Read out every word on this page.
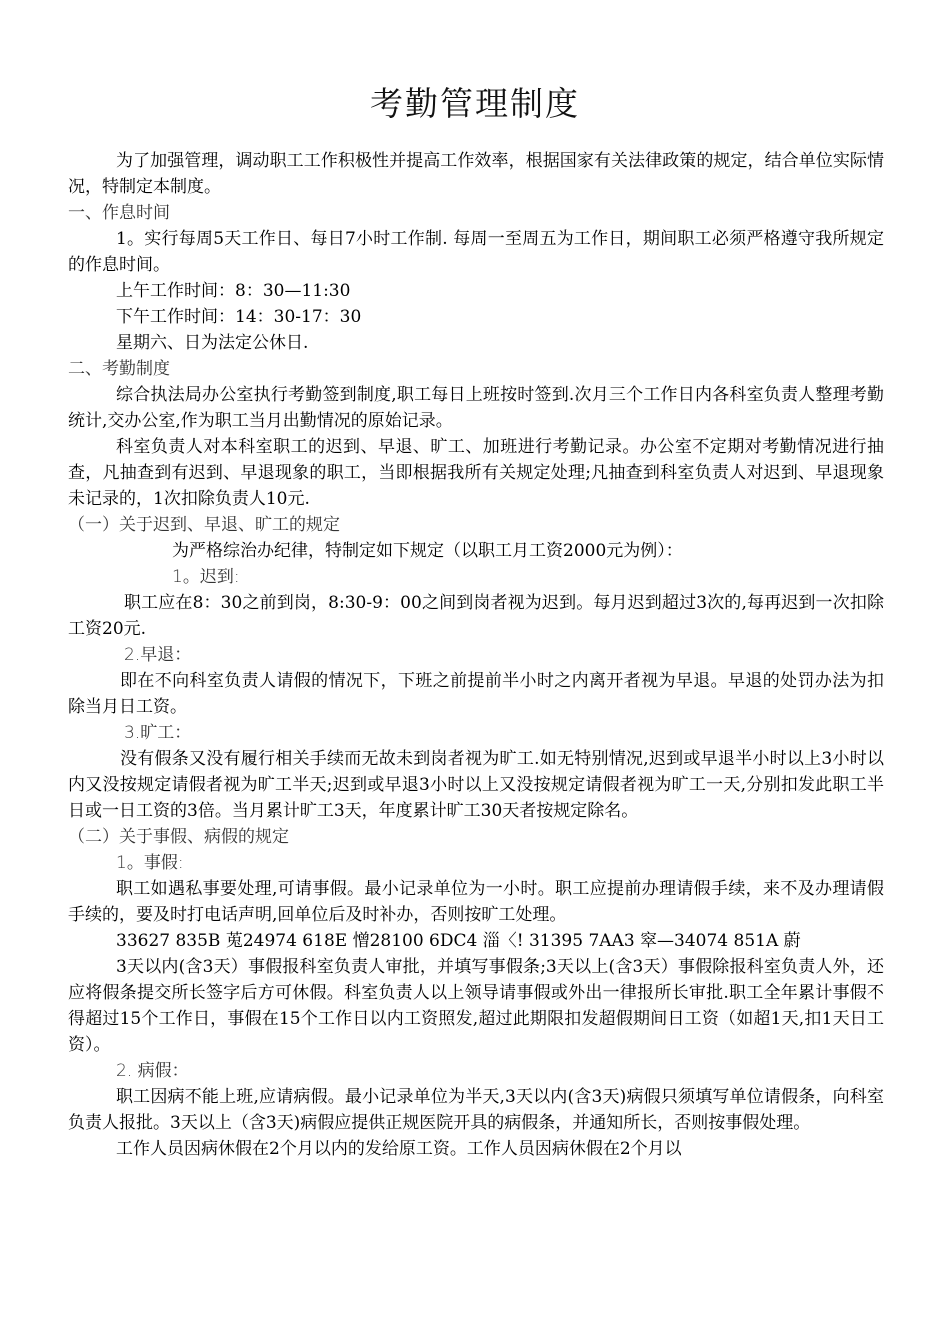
考勤管理制度

为了加强管理，调动职工工作积极性并提高工作效率，根据国家有关法律政策的规定，结合单位实际情况，特制定本制度。

一、作息时间

1。实行每周5天工作日、每日7小时工作制. 每周一至周五为工作日，期间职工必须严格遵守我所规定的作息时间。

上午工作时间：8：30—11:30

下午工作时间：14：30-17：30

星期六、日为法定公休日.

二、考勤制度

综合执法局办公室执行考勤签到制度,职工每日上班按时签到.次月三个工作日内各科室负责人整理考勤统计,交办公室,作为职工当月出勤情况的原始记录。

科室负责人对本科室职工的迟到、早退、旷工、加班进行考勤记录。办公室不定期对考勤情况进行抽查，凡抽查到有迟到、早退现象的职工，当即根据我所有关规定处理;凡抽查到科室负责人对迟到、早退现象未记录的，1次扣除负责人10元.

（一）关于迟到、早退、旷工的规定

为严格综治办纪律，特制定如下规定（以职工月工资2000元为例）：

1。迟到:

职工应在8：30之前到岗，8:30-9：00之间到岗者视为迟到。每月迟到超过3次的,每再迟到一次扣除工资20元.

2.早退：

即在不向科室负责人请假的情况下，下班之前提前半小时之内离开者视为早退。早退的处罚办法为扣除当月日工资。

3.旷工：

没有假条又没有履行相关手续而无故未到岗者视为旷工.如无特别情况,迟到或早退半小时以上3小时以内又没按规定请假者视为旷工半天;迟到或早退3小时以上又没按规定请假者视为旷工一天,分别扣发此职工半日或一日工资的3倍。当月累计旷工3天，年度累计旷工30天者按规定除名。

（二）关于事假、病假的规定

1。事假:

职工如遇私事要处理,可请事假。最小记录单位为一小时。职工应提前办理请假手续，来不及办理请假手续的，要及时打电话声明,回单位后及时补办，否则按旷工处理。

33627 835B 莵24974 618E 憎28100 6DC4 淄〈! 31395 7AA3 窣—34074 851A 蔚

3天以内(含3天）事假报科室负责人审批，并填写事假条;3天以上(含3天）事假除报科室负责人外，还应将假条提交所长签字后方可休假。科室负责人以上领导请事假或外出一律报所长审批.职工全年累计事假不得超过15个工作日，事假在15个工作日以内工资照发,超过此期限扣发超假期间日工资（如超1天,扣1天日工资）。

2. 病假：

职工因病不能上班,应请病假。最小记录单位为半天,3天以内(含3天)病假只须填写单位请假条，向科室负责人报批。3天以上（含3天)病假应提供正规医院开具的病假条，并通知所长，否则按事假处理。

工作人员因病休假在2个月以内的发给原工资。工作人员因病休假在2个月以
